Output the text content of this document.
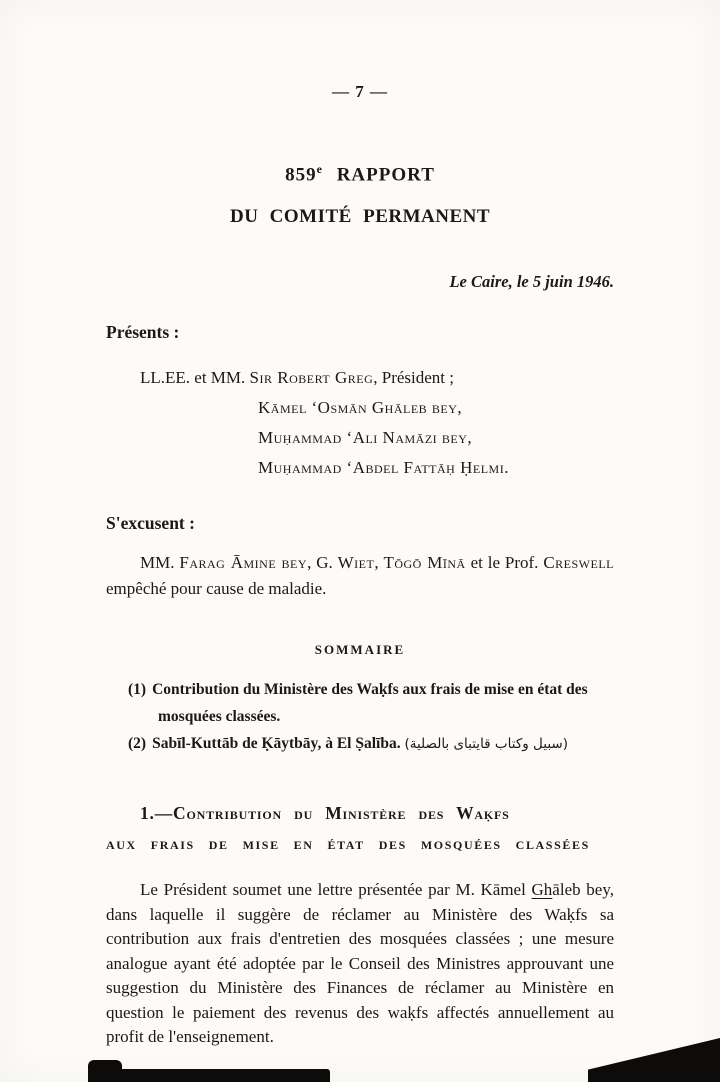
— 7 —
859e RAPPORT
DU COMITÉ PERMANENT
Le Caire, le 5 juin 1946.
Présents :
LL.EE. et MM. Sir Robert Greg, Président ;
Kāmel ʻOsmān Ghāleb bey,
Muḥammad ʻAli Namāzi bey,
Muḥammad ʻAbdel Fattāḥ Ḥelmi.
S'excusent :
MM. Farag Āmine bey, G. Wiet, Tōgō Mīnā et le Prof. Creswell empêché pour cause de maladie.
SOMMAIRE
(1) Contribution du Ministère des Waḳfs aux frais de mise en état des mosquées classées.
(2) Sabīl-Kuttāb de Ḳāytbāy, à El Ṣalība. (سبيل وكتاب قايتباى بالصلية)
1.—Contribution du Ministère des Waḳfs
aux frais de mise en état des mosquées classées
Le Président soumet une lettre présentée par M. Kāmel Ghāleb bey, dans laquelle il suggère de réclamer au Ministère des Waḳfs sa contribution aux frais d'entretien des mosquées classées ; une mesure analogue ayant été adoptée par le Conseil des Ministres approuvant une suggestion du Ministère des Finances de réclamer au Ministère en question le paiement des revenus des waḳfs affectés annuellement au profit de l'enseignement.
